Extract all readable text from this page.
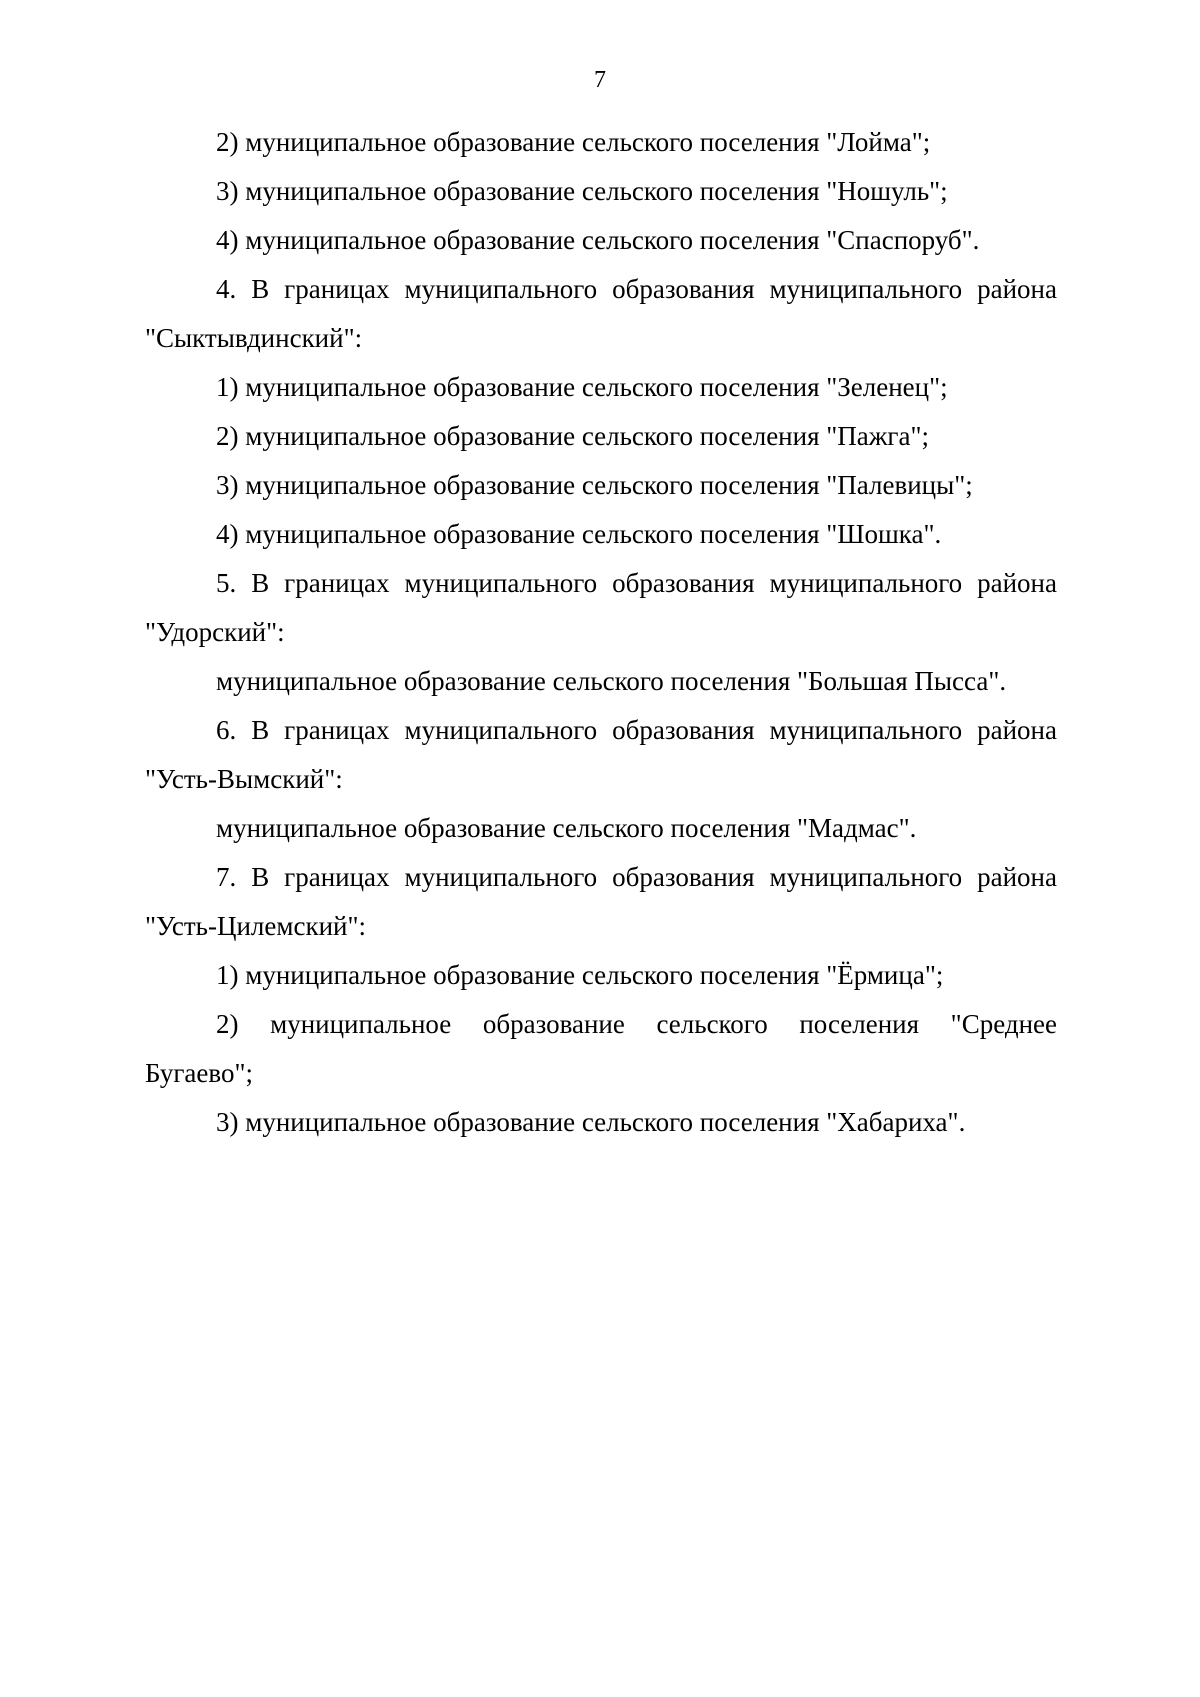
7

2) муниципальное образование сельского поселения "Лойма";

3) муниципальное образование сельского поселения "Ношуль";

4) муниципальное образование сельского поселения "Спаспоруб".

4. В границах муниципального образования муниципального района "Сыктывдинский":

1) муниципальное образование сельского поселения "Зеленец";

2) муниципальное образование сельского поселения "Пажга";

3) муниципальное образование сельского поселения "Палевицы";

4) муниципальное образование сельского поселения "Шошка".

5. В границах муниципального образования муниципального района "Удорский":

муниципальное образование сельского поселения "Большая Пысса".

6. В границах муниципального образования муниципального района "Усть-Вымский":

муниципальное образование сельского поселения "Мадмас".

7. В границах муниципального образования муниципального района "Усть-Цилемский":

1) муниципальное образование сельского поселения "Ёрмица";

2) муниципальное образование сельского поселения "Среднее Бугаево";

3) муниципальное образование сельского поселения "Хабариха".
